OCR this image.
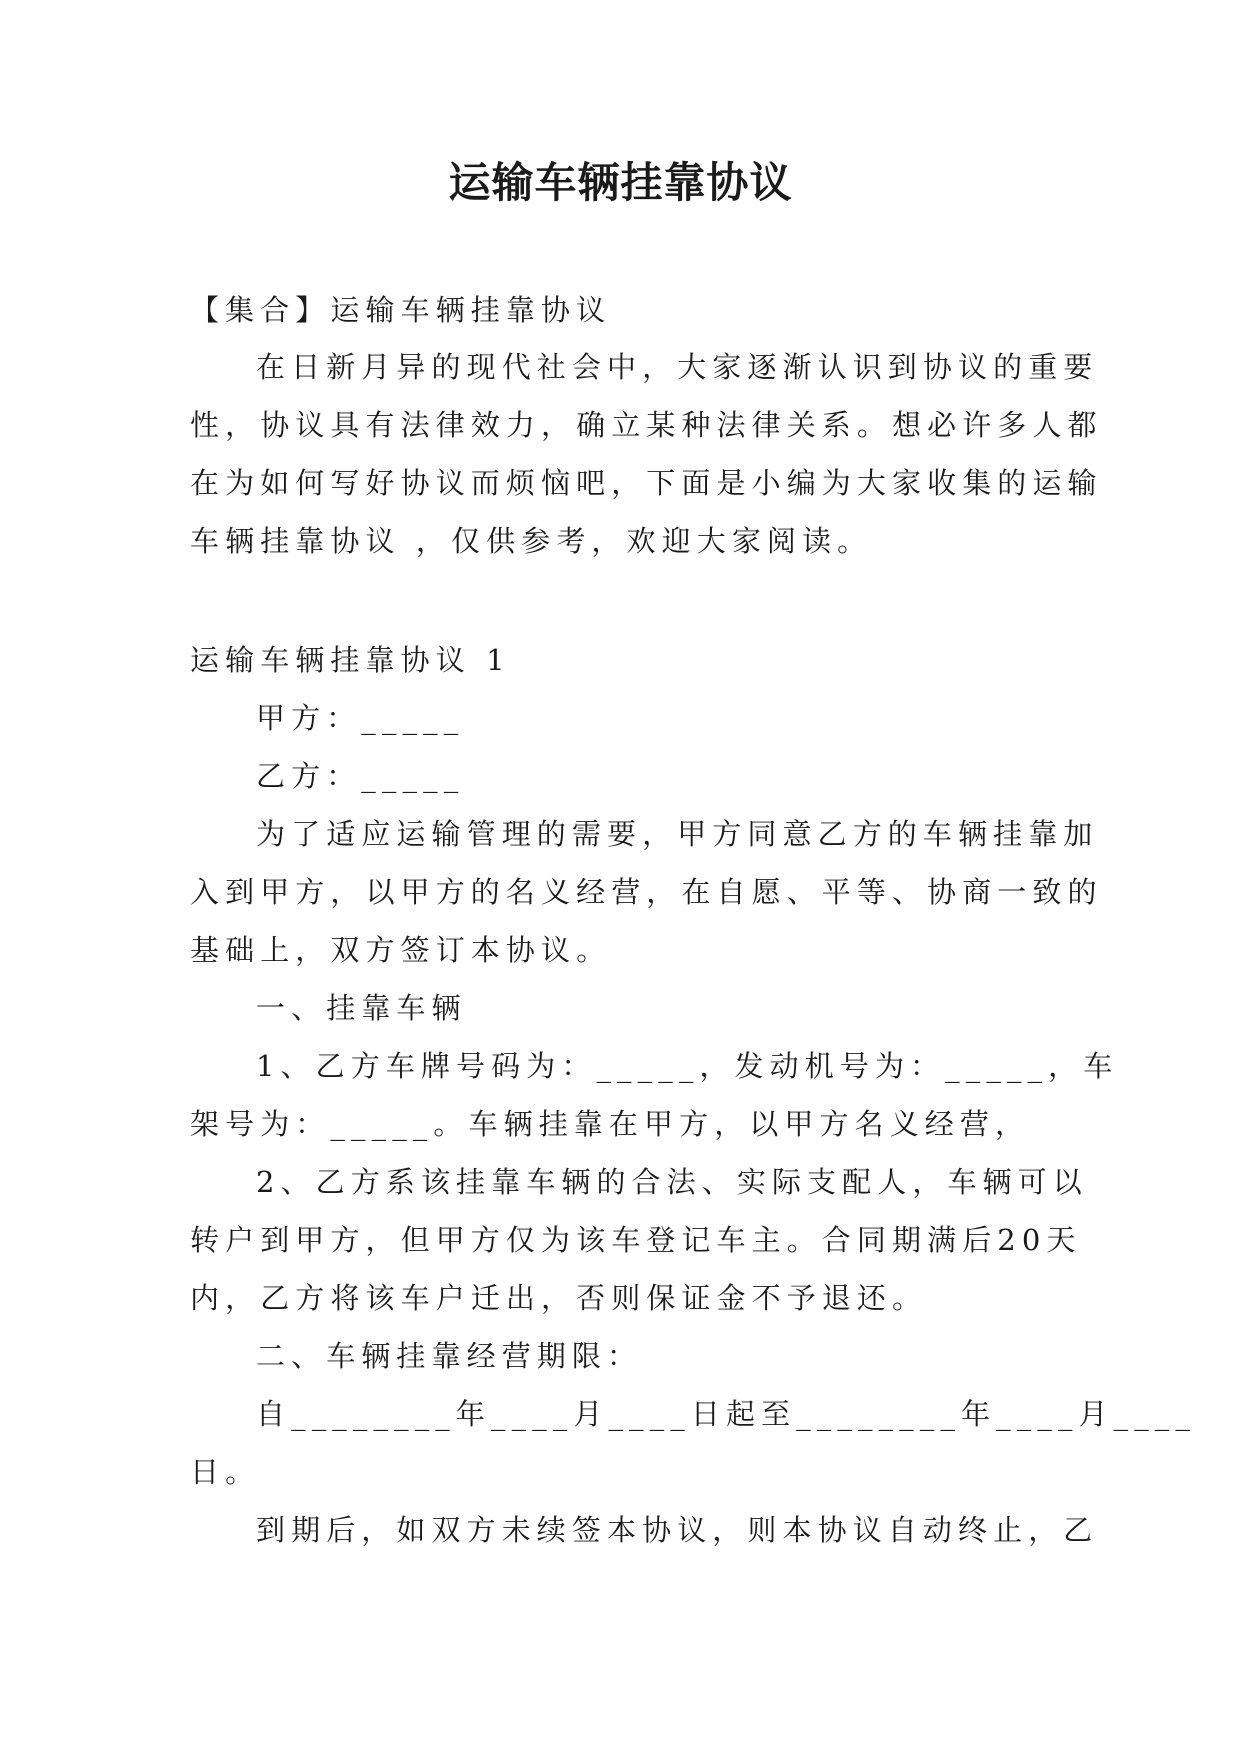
运输车辆挂靠协议
【集合】运输车辆挂靠协议
在日新月异的现代社会中，大家逐渐认识到协议的重要
性，协议具有法律效力，确立某种法律关系。想必许多人都
在为如何写好协议而烦恼吧，下面是小编为大家收集的运输
车辆挂靠协议 ，仅供参考，欢迎大家阅读。
运输车辆挂靠协议 1
甲方：_____
乙方：_____
为了适应运输管理的需要，甲方同意乙方的车辆挂靠加
入到甲方，以甲方的名义经营，在自愿、平等、协商一致的
基础上，双方签订本协议。
一、挂靠车辆
1、乙方车牌号码为：_____，发动机号为：_____，车
架号为：_____。车辆挂靠在甲方，以甲方名义经营，
2、乙方系该挂靠车辆的合法、实际支配人，车辆可以
转户到甲方，但甲方仅为该车登记车主。合同期满后20天
内，乙方将该车户迁出，否则保证金不予退还。
二、车辆挂靠经营期限：
自________年____月____日起至________年____月____
日。
到期后，如双方未续签本协议，则本协议自动终止，乙
